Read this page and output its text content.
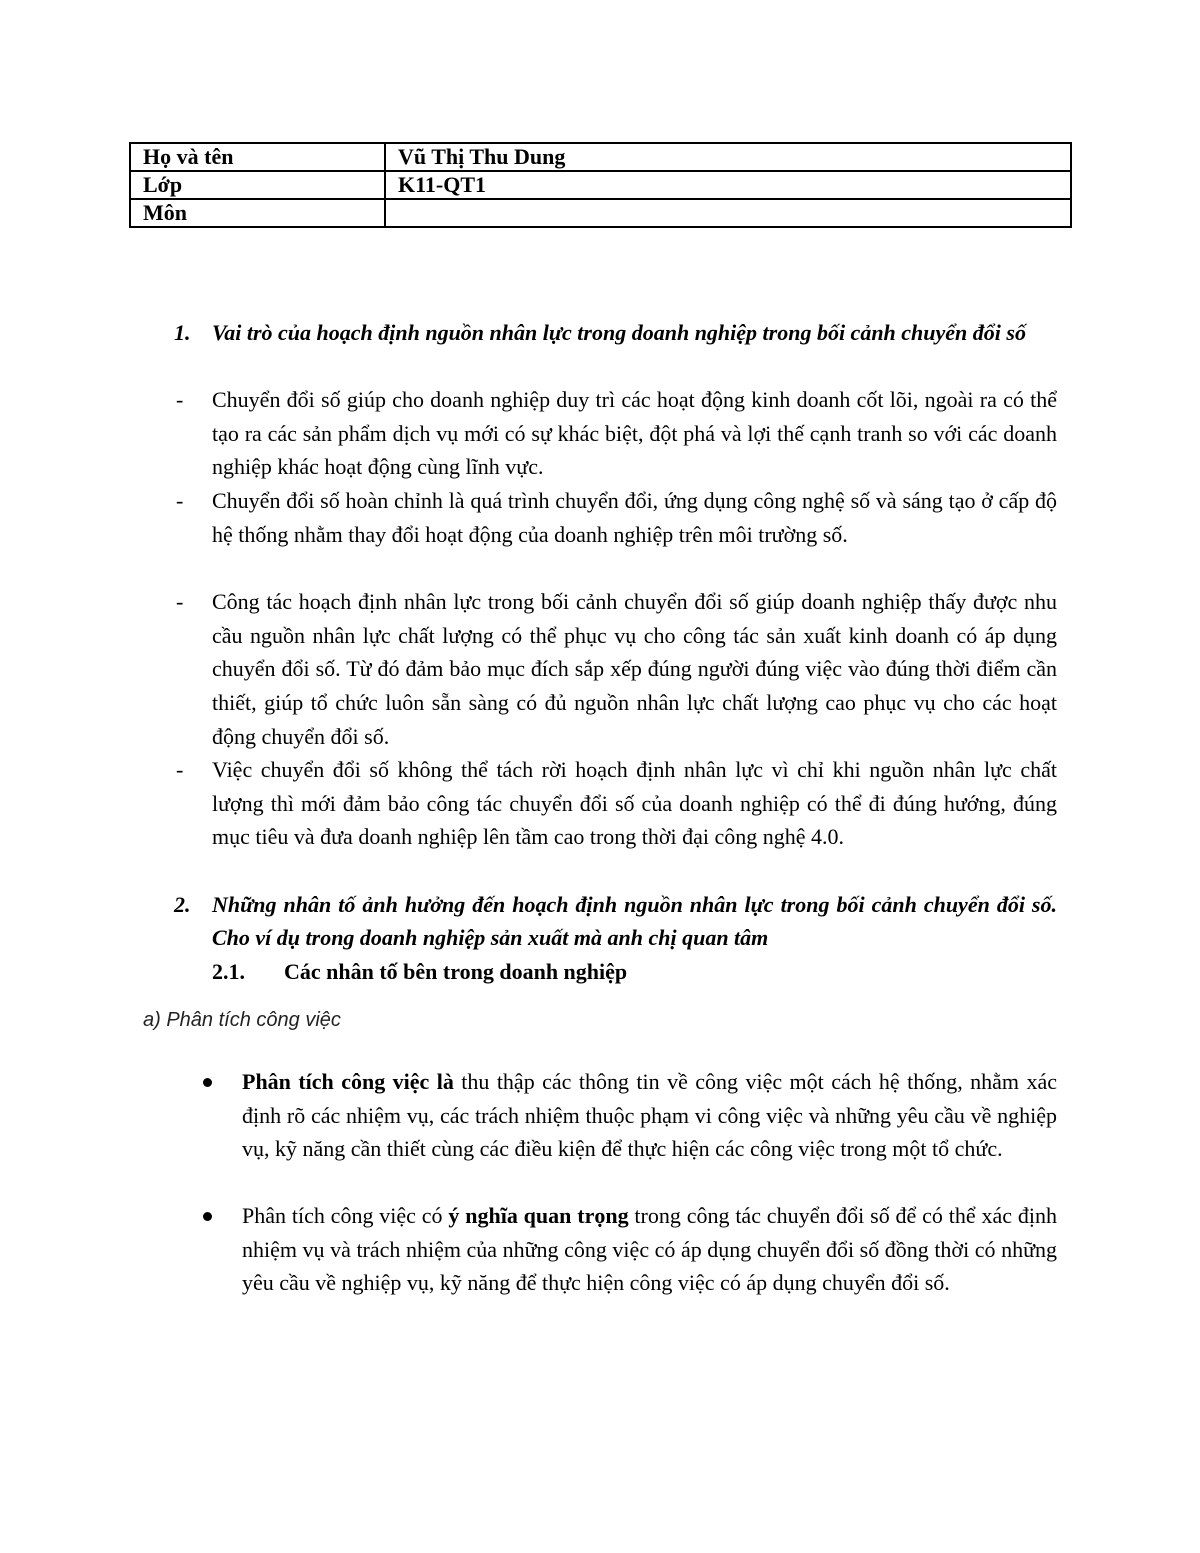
Họ và tên	Vũ Thị Thu Dung
Lớp	K11-QT1
Môn	
1. Vai trò của hoạch định nguồn nhân lực trong doanh nghiệp trong bối cảnh chuyển đổi số
- Chuyển đổi số giúp cho doanh nghiệp duy trì các hoạt động kinh doanh cốt lõi, ngoài ra có thể tạo ra các sản phẩm dịch vụ mới có sự khác biệt, đột phá và lợi thế cạnh tranh so với các doanh nghiệp khác hoạt động cùng lĩnh vực.
- Chuyển đổi số hoàn chỉnh là quá trình chuyển đổi, ứng dụng công nghệ số và sáng tạo ở cấp độ hệ thống nhằm thay đổi hoạt động của doanh nghiệp trên môi trường số.
- Công tác hoạch định nhân lực trong bối cảnh chuyển đổi số giúp doanh nghiệp thấy được nhu cầu nguồn nhân lực chất lượng có thể phục vụ cho công tác sản xuất kinh doanh có áp dụng chuyển đổi số. Từ đó đảm bảo mục đích sắp xếp đúng người đúng việc vào đúng thời điểm cần thiết, giúp tổ chức luôn sẵn sàng có đủ nguồn nhân lực chất lượng cao phục vụ cho các hoạt động chuyển đổi số.
- Việc chuyển đổi số không thể tách rời hoạch định nhân lực vì chỉ khi nguồn nhân lực chất lượng thì mới đảm bảo công tác chuyển đổi số của doanh nghiệp có thể đi đúng hướng, đúng mục tiêu và đưa doanh nghiệp lên tầm cao trong thời đại công nghệ 4.0.
2. Những nhân tố ảnh hưởng đến hoạch định nguồn nhân lực trong bối cảnh chuyển đổi số. Cho ví dụ trong doanh nghiệp sản xuất mà anh chị quan tâm
2.1. Các nhân tố bên trong doanh nghiệp
a) Phân tích công việc
Phân tích công việc là thu thập các thông tin về công việc một cách hệ thống, nhằm xác định rõ các nhiệm vụ, các trách nhiệm thuộc phạm vi công việc và những yêu cầu về nghiệp vụ, kỹ năng cần thiết cùng các điều kiện để thực hiện các công việc trong một tổ chức.
Phân tích công việc có ý nghĩa quan trọng trong công tác chuyển đổi số để có thể xác định nhiệm vụ và trách nhiệm của những công việc có áp dụng chuyển đổi số đồng thời có những yêu cầu về nghiệp vụ, kỹ năng để thực hiện công việc có áp dụng chuyển đổi số.
